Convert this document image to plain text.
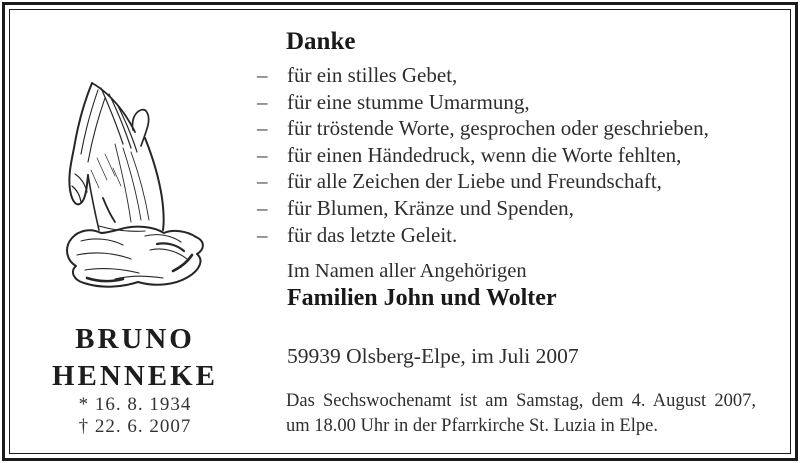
BRUNO
HENNEKE
* 16. 8. 1934
† 22. 6. 2007
Danke
– für ein stilles Gebet,
– für eine stumme Umarmung,
– für tröstende Worte, gesprochen oder geschrieben,
– für einen Händedruck, wenn die Worte fehlten,
– für alle Zeichen der Liebe und Freundschaft,
– für Blumen, Kränze und Spenden,
– für das letzte Geleit.
Im Namen aller Angehörigen
Familien John und Wolter
59939 Olsberg-Elpe, im Juli 2007
Das Sechswochenamt ist am Samstag, dem 4. August 2007,
um 18.00 Uhr in der Pfarrkirche St. Luzia in Elpe.
